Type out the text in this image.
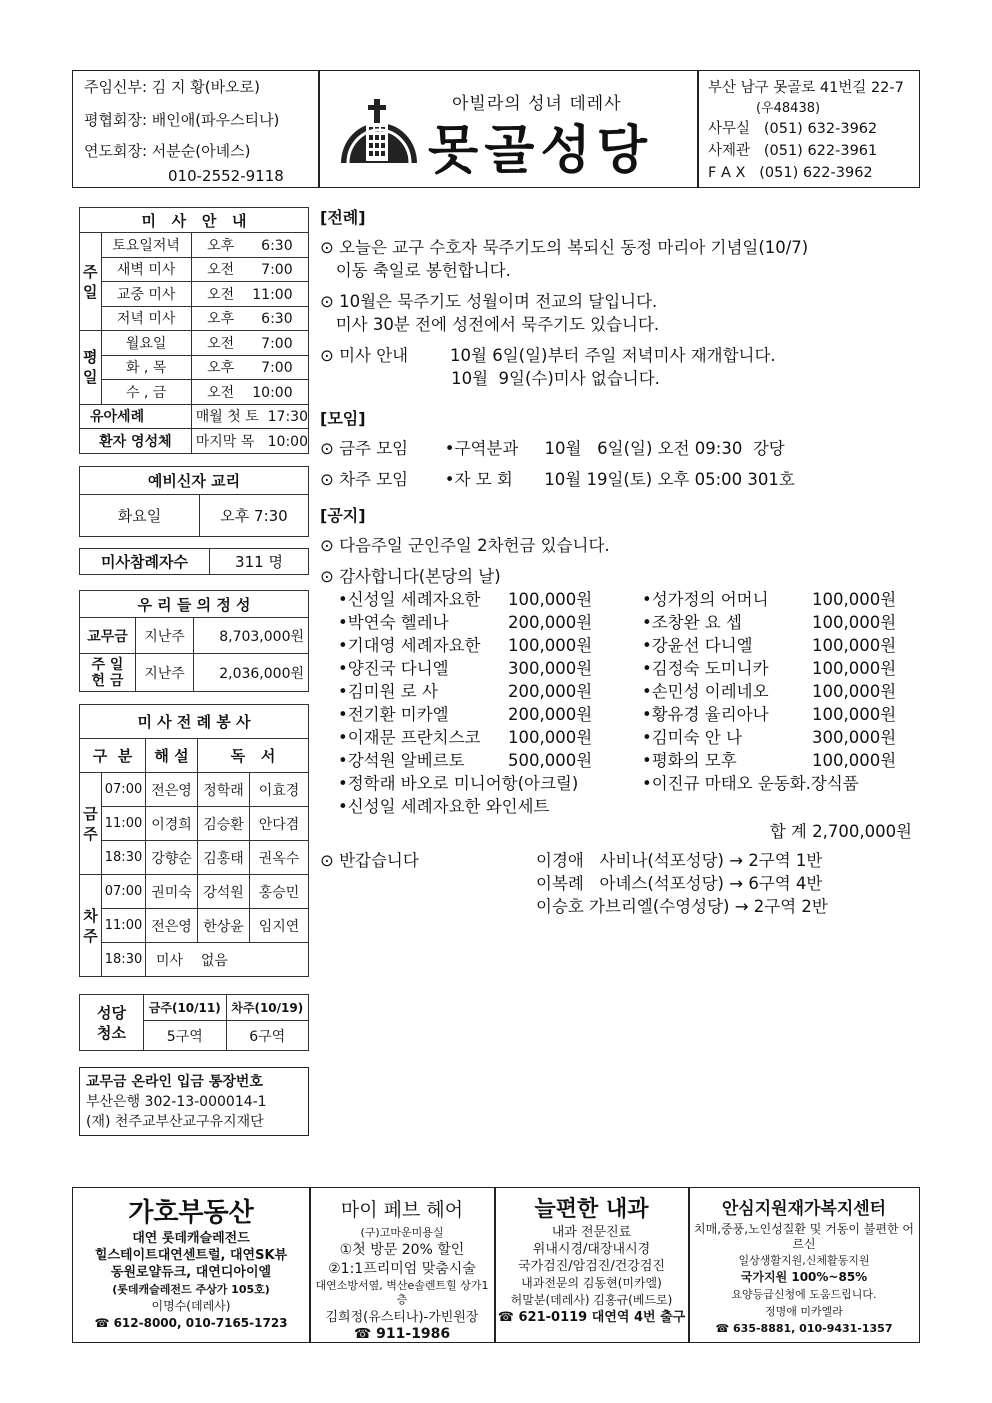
주임신부: 김 지 황(바오로)
평협회장: 배인애(파우스티나)
연도회장: 서분순(아녜스)
010-2552-9118
아빌라의 성녀 데레사
못골성당
부산 남구 못골로 41번길 22-7
(우48438)
사무실   (051) 632-3962
사제관   (051) 622-3961
F A X   (051) 622-3962
미   사   안   내		
주일	토요일저녁	오후 6:30
	새벽 미사	오전 7:00
	교중 미사	오전 11:00
	저녁 미사	오후 6:30
평일	월요일	오전 7:00
	화 , 목	오후 7:00
	수 , 금	오전 10:00
유아세례		매월 첫 토  17:30
환자 영성체		마지막 목   10:00
예비신자 교리
화요일	오후 7:30
미사참례자수	311 명
우 리 들 의 정 성		
교무금	지난주	8,703,000원
주 일
헌 금	지난주	2,036,000원
미 사 전 례 봉 사				
구  분		해 설	독   서	
금주	07:00	전은영	정학래	이효경
	11:00	이경희	김승환	안다겸
	18:30	강향순	김홍태	권옥수
차주	07:00	권미숙	강석원	홍승민
	11:00	전은영	한상윤	임지연
	18:30	미사    없음		
성당
청소	금주(10/11)	차주(10/19)
	5구역	6구역
교무금 온라인 입금 통장번호
부산은행 302-13-000014-1
(재) 천주교부산교구유지재단
[전례]
⊙ 오늘은 교구 수호자 묵주기도의 복되신 동정 마리아 기념일(10/7)
이동 축일로 봉헌합니다.
⊙ 10월은 묵주기도 성월이며 전교의 달입니다.
미사 30분 전에 성전에서 묵주기도 있습니다.
⊙ 미사 안내        10월 6일(일)부터 주일 저녁미사 재개합니다.
10월  9일(수)미사 없습니다.
[모임]
⊙ 금주 모임       •구역분과     10월   6일(일) 오전 09:30  강당
⊙ 차주 모임       •자 모 회      10월 19일(토) 오후 05:00 301호
[공지]
⊙ 다음주일 군인주일 2차헌금 있습니다.
⊙ 감사합니다(본당의 날)
•신성일 세례자요한 100,000원
•박연숙 헬레나	200,000원
•기대영 세례자요한 100,000원
•양진국 다니엘	300,000원
•김미원 로 사	200,000원
•전기환 미카엘	200,000원
•이재문 프란치스코 100,000원
•강석원 알베르토	500,000원
•성가정의 어머니	100,000원
•조창완 요 셉	100,000원
•강윤선 다니엘	100,000원
•김정숙 도미니카	100,000원
•손민성 이레네오	100,000원
•황유경 율리아나	100,000원
•김미숙 안 나	300,000원
•평화의 모후	100,000원
•정학래 바오로 미니어항(아크릴)	•이진규 마태오 운동화.장식품
•신성일 세례자요한 와인세트
합 계 2,700,000원
⊙ 반갑습니다	이경애   사비나(석포성당) → 2구역 1반
이복례   아녜스(석포성당) → 6구역 4반
이승호 가브리엘(수영성당) → 2구역 2반
가호부동산
대연 롯데캐슬레전드
힐스테이트대연센트럴, 대연SK뷰
동원로얄듀크, 대연디아이엘
(롯데캐슬레전드 주상가 105호)
이명수(데레사)
☎ 612-8000, 010-7165-1723
마이 페브 헤어
(구)고마운미용실
①첫 방문 20% 할인
②1:1프리미엄 맞춤시술
대연소방서옆, 벽산e솔렌트힐 상가1층
김희정(유스티나)-가빈원장
☎ 911-1986
늘편한 내과
내과 전문진료
위내시경/대장내시경
국가검진/암검진/건강검진
내과전문의 김동현(미카엘)
허말분(데레사) 김홍규(베드로)
☎ 621-0119 대연역 4번 출구
안심지원재가복지센터
치매,중풍,노인성질환 및 거동이 불편한 어르신
일상생활지원,신체활동지원
국가지원 100%~85%
요양등급신청에 도움드립니다.
정명애 미카엘라
☎ 635-8881, 010-9431-1357
